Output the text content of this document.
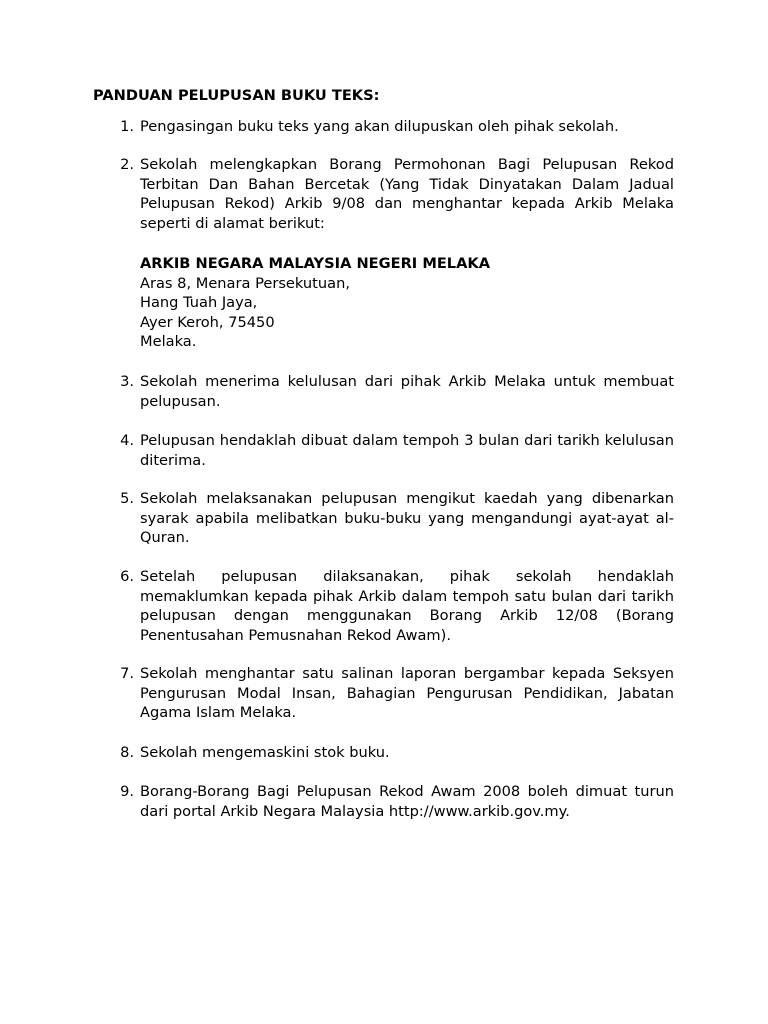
PANDUAN PELUPUSAN BUKU TEKS:
1. Pengasingan buku teks yang akan dilupuskan oleh pihak sekolah.
2. Sekolah melengkapkan Borang Permohonan Bagi Pelupusan Rekod Terbitan Dan Bahan Bercetak (Yang Tidak Dinyatakan Dalam Jadual Pelupusan Rekod) Arkib 9/08 dan menghantar kepada Arkib Melaka seperti di alamat berikut:
ARKIB NEGARA MALAYSIA NEGERI MELAKA
Aras 8, Menara Persekutuan,
Hang Tuah Jaya,
Ayer Keroh, 75450
Melaka.
3. Sekolah menerima kelulusan dari pihak Arkib Melaka untuk membuat pelupusan.
4. Pelupusan hendaklah dibuat dalam tempoh 3 bulan dari tarikh kelulusan diterima.
5. Sekolah melaksanakan pelupusan mengikut kaedah yang dibenarkan syarak apabila melibatkan buku-buku yang mengandungi ayat-ayat al-Quran.
6. Setelah pelupusan dilaksanakan, pihak sekolah hendaklah memaklumkan kepada pihak Arkib dalam tempoh satu bulan dari tarikh pelupusan dengan menggunakan Borang Arkib 12/08 (Borang Penentusahan Pemusnahan Rekod Awam).
7. Sekolah menghantar satu salinan laporan bergambar kepada Seksyen Pengurusan Modal Insan, Bahagian Pengurusan Pendidikan, Jabatan Agama Islam Melaka.
8. Sekolah mengemaskini stok buku.
9. Borang-Borang Bagi Pelupusan Rekod Awam 2008 boleh dimuat turun dari portal Arkib Negara Malaysia http://www.arkib.gov.my.
